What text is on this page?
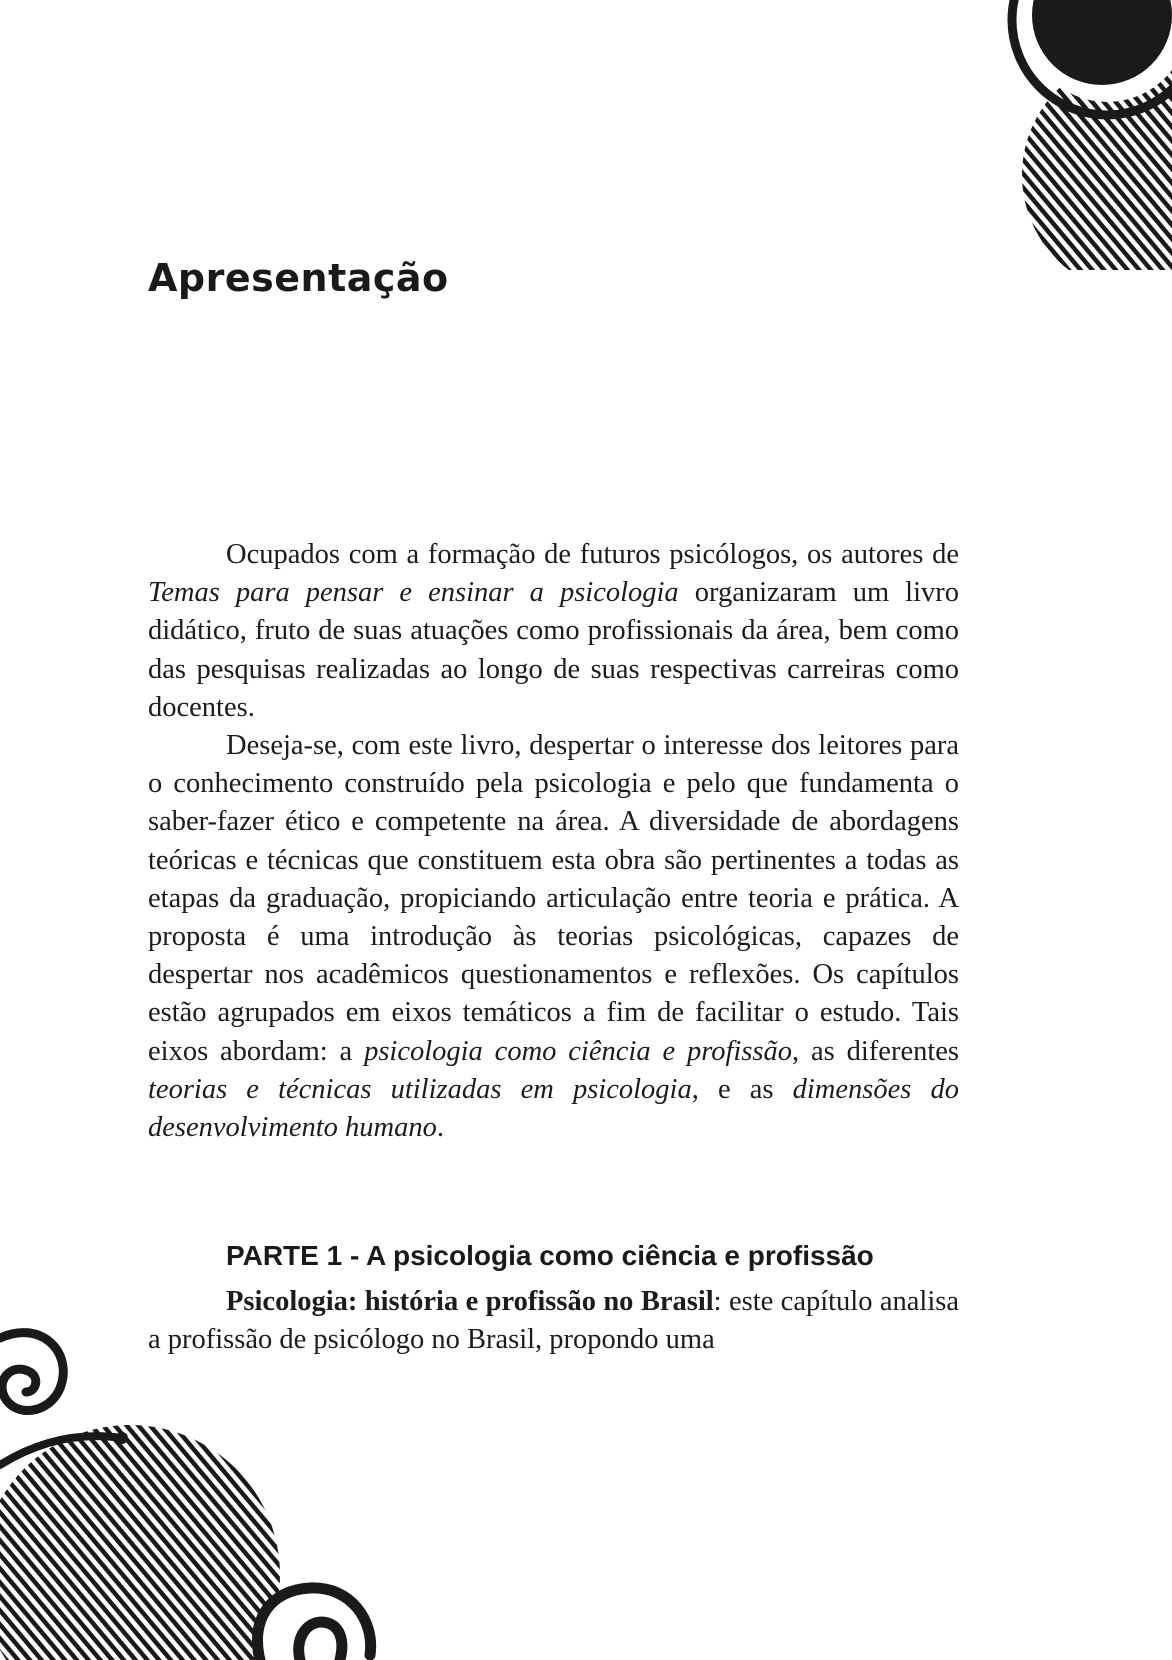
Apresentação

Ocupados com a formação de futuros psicólogos, os autores de Temas para pensar e ensinar a psicologia organizaram um livro didático, fruto de suas atuações como profissionais da área, bem como das pesquisas realizadas ao longo de suas respectivas carreiras como docentes.

Deseja-se, com este livro, despertar o interesse dos leitores para o conhecimento construído pela psicologia e pelo que fundamenta o saber-fazer ético e competente na área. A diversidade de abordagens teóricas e técnicas que constituem esta obra são pertinentes a todas as etapas da graduação, propiciando articulação entre teoria e prática. A proposta é uma introdução às teorias psicológicas, capazes de despertar nos acadêmicos questionamentos e reflexões. Os capítulos estão agrupados em eixos temáticos a fim de facilitar o estudo. Tais eixos abordam: a psicologia como ciência e profissão, as diferentes teorias e técnicas utilizadas em psicologia, e as dimensões do desenvolvimento humano.

PARTE 1 - A psicologia como ciência e profissão

Psicologia: história e profissão no Brasil: este capítulo analisa a profissão de psicólogo no Brasil, propondo uma
